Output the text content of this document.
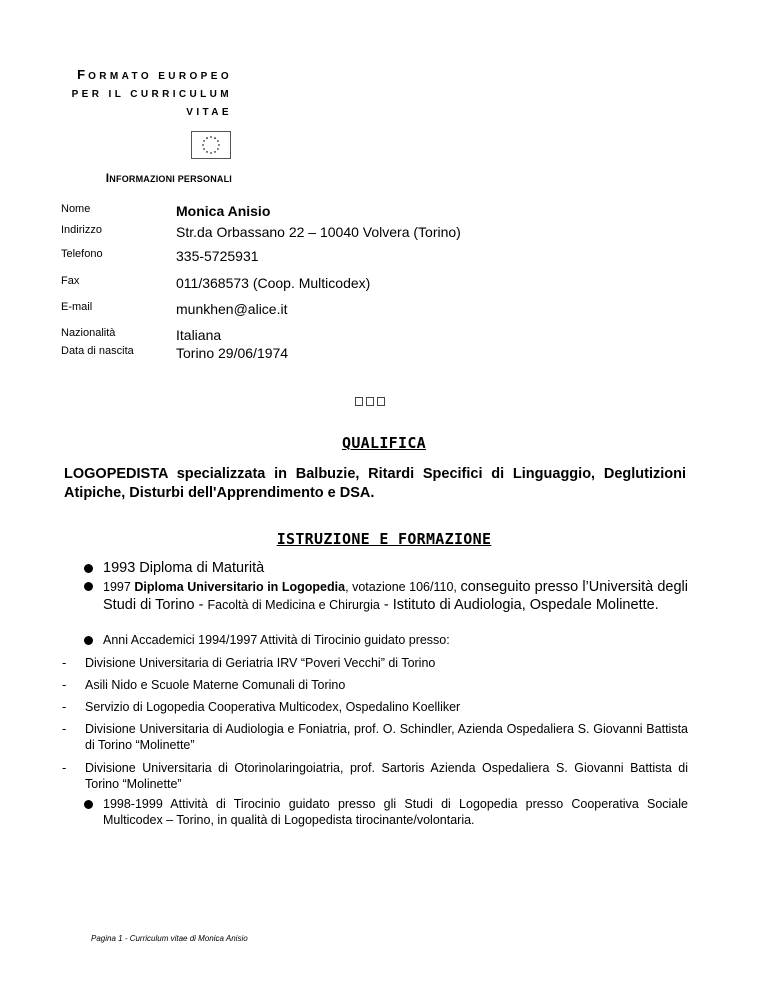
FORMATO EUROPEO
PER IL CURRICULUM
VITAE
INFORMAZIONI PERSONALI
Nome	Monica Anisio
Indirizzo	Str.da Orbassano 22 – 10040 Volvera (Torino)
Telefono	335-5725931
Fax	011/368573 (Coop. Multicodex)
E-mail	munkhen@alice.it
Nazionalità	Italiana
Data di nascita	Torino 29/06/1974
QUALIFICA
LOGOPEDISTA specializzata in Balbuzie, Ritardi Specifici di Linguaggio, Deglutizioni Atipiche, Disturbi dell'Apprendimento e DSA.
ISTRUZIONE E FORMAZIONE
1993 Diploma di Maturità
1997 Diploma Universitario in Logopedia, votazione 106/110, conseguito presso l’Università degli Studi di Torino - Facoltà di Medicina e Chirurgia - Istituto di Audiologia, Ospedale Molinette.
Anni Accademici 1994/1997 Attività di Tirocinio guidato presso:
- Divisione Universitaria di Geriatria IRV “Poveri Vecchi” di Torino
- Asili Nido e Scuole Materne Comunali di Torino
- Servizio di Logopedia Cooperativa Multicodex, Ospedalino Koelliker
- Divisione Universitaria di Audiologia e Foniatria, prof. O. Schindler, Azienda Ospedaliera S. Giovanni Battista di Torino “Molinette”
- Divisione Universitaria di Otorinolaringoiatria, prof. Sartoris Azienda Ospedaliera S. Giovanni Battista di Torino “Molinette”
1998-1999 Attività di Tirocinio guidato presso gli Studi di Logopedia presso Cooperativa Sociale Multicodex – Torino, in qualità di Logopedista tirocinante/volontaria.
Pagina 1 - Curriculum vitae di Monica Anisio
